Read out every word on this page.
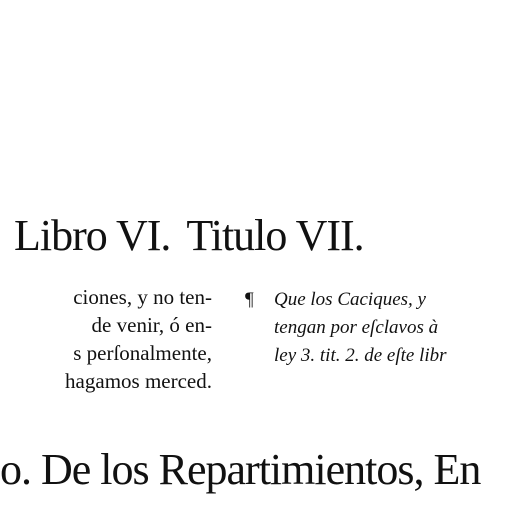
Libro VI. Titulo VII.
ciones, y no ten-
de venir, ó en-
s perſonalmente,
hagamos merced.
¶ Que los Caciques, y
tengan por eſclavos à
ley 3. tit. 2. de eſte libr
o. De los Repartimientos, En
